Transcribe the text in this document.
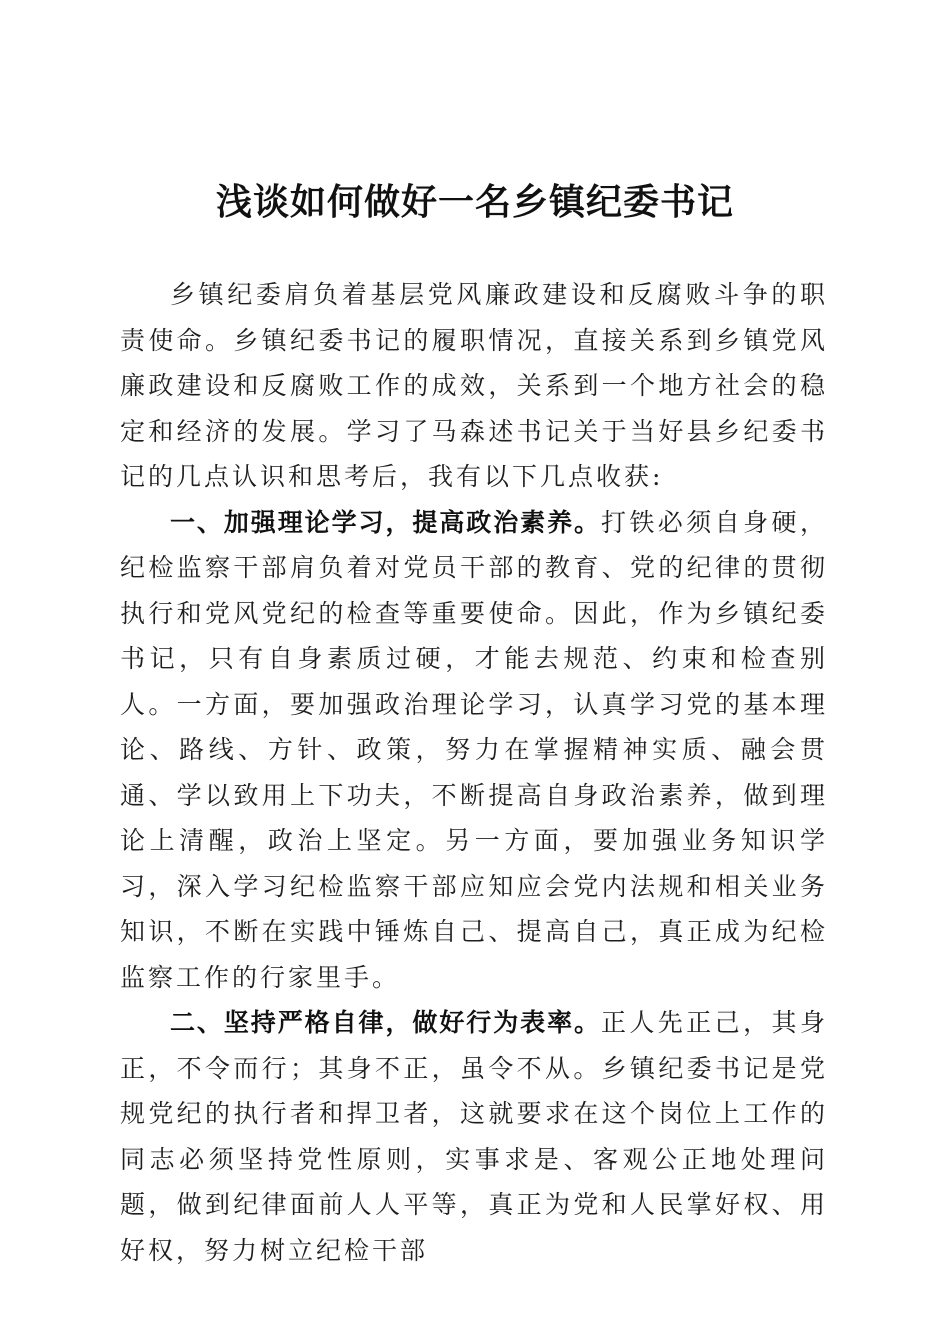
浅谈如何做好一名乡镇纪委书记

乡镇纪委肩负着基层党风廉政建设和反腐败斗争的职责使命。乡镇纪委书记的履职情况，直接关系到乡镇党风廉政建设和反腐败工作的成效，关系到一个地方社会的稳定和经济的发展。学习了马森述书记关于当好县乡纪委书记的几点认识和思考后，我有以下几点收获:

一、加强理论学习，提高政治素养。打铁必须自身硬，纪检监察干部肩负着对党员干部的教育、党的纪律的贯彻执行和党风党纪的检查等重要使命。因此，作为乡镇纪委书记，只有自身素质过硬，才能去规范、约束和检查别人。一方面，要加强政治理论学习，认真学习党的基本理论、路线、方针、政策，努力在掌握精神实质、融会贯通、学以致用上下功夫，不断提高自身政治素养，做到理论上清醒，政治上坚定。另一方面，要加强业务知识学习，深入学习纪检监察干部应知应会党内法规和相关业务知识，不断在实践中锤炼自己、提高自己，真正成为纪检监察工作的行家里手。

二、坚持严格自律，做好行为表率。正人先正己，其身正，不令而行；其身不正，虽令不从。乡镇纪委书记是党规党纪的执行者和捍卫者，这就要求在这个岗位上工作的同志必须坚持党性原则，实事求是、客观公正地处理问题，做到纪律面前人人平等，真正为党和人民掌好权、用好权，努力树立纪检干部
